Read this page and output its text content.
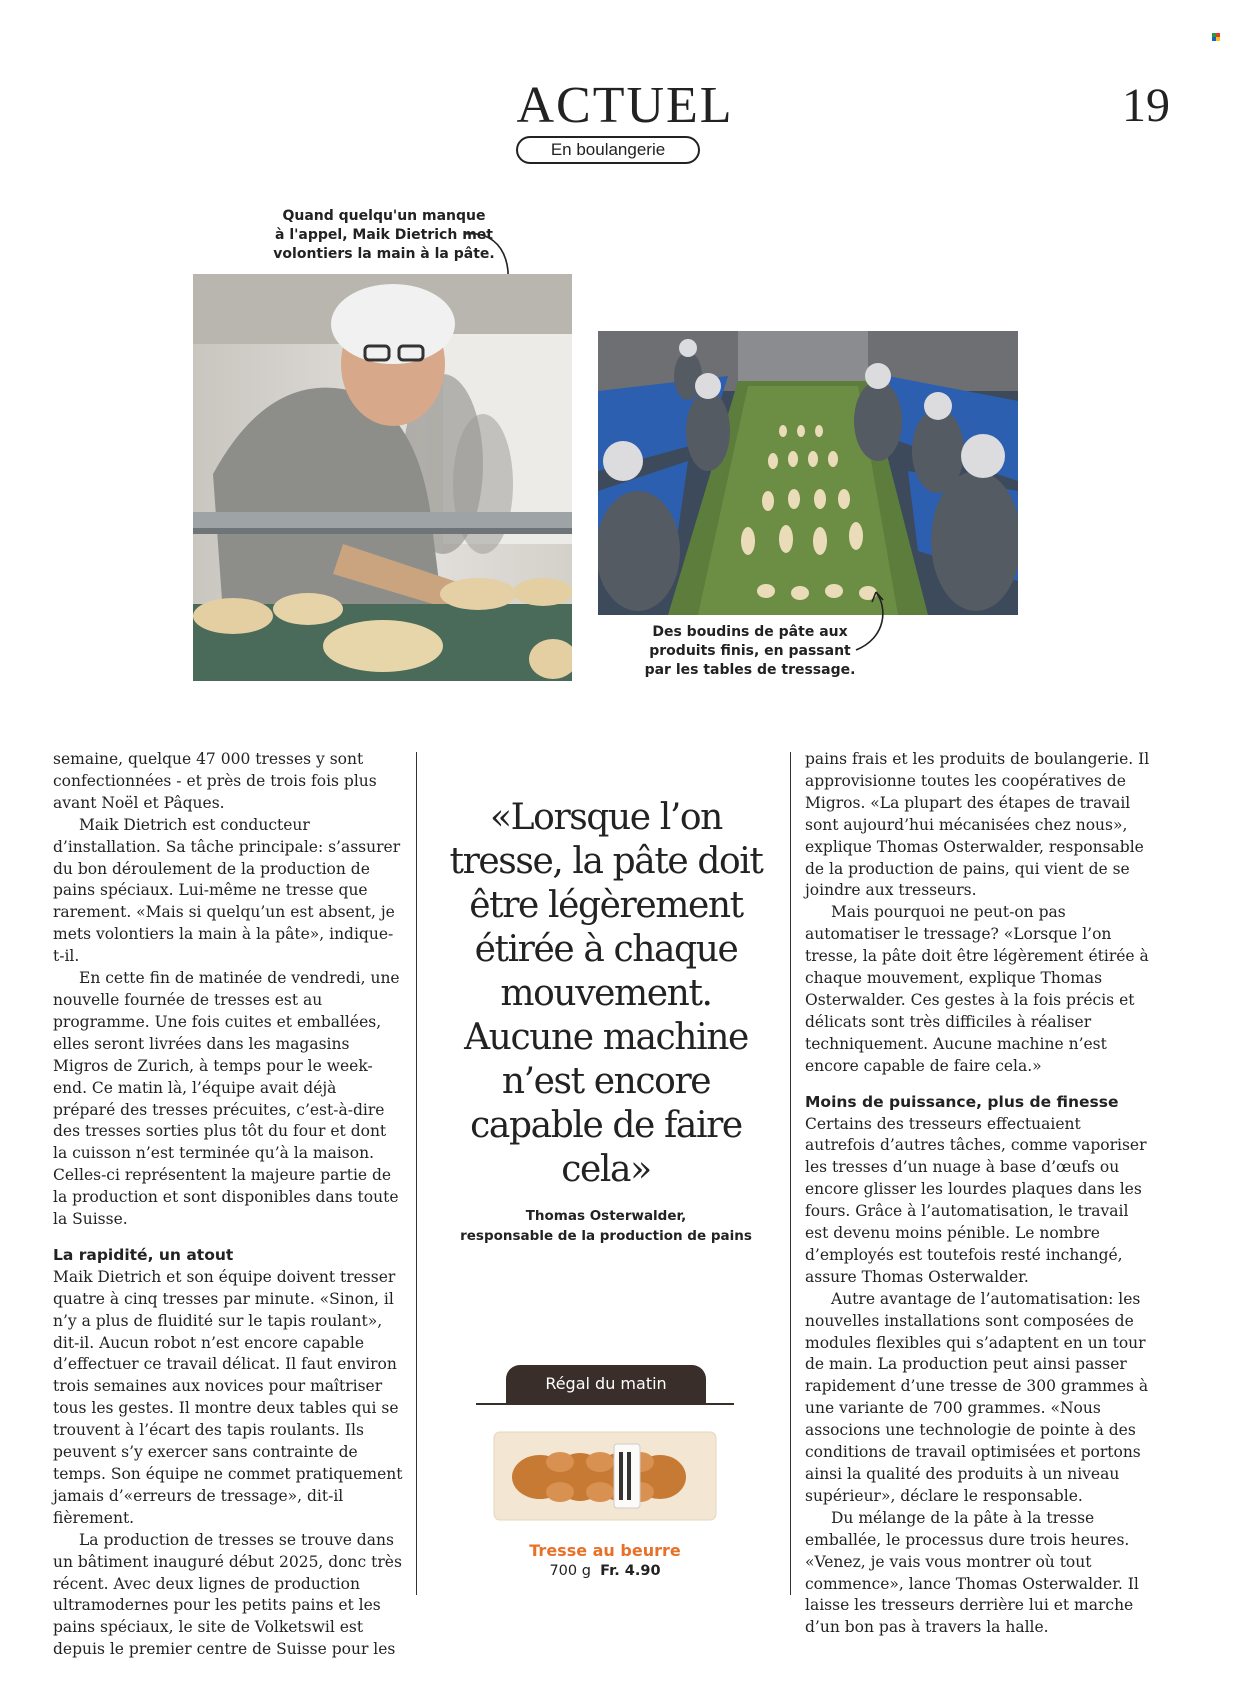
ACTUEL	19
En boulangerie
Quand quelqu'un manque
à l'appel, Maik Dietrich met
volontiers la main à la pâte.
Des boudins de pâte aux
produits finis, en passant
par les tables de tressage.

semaine, quelque 47 000 tresses y sont confectionnées - et près de trois fois plus avant Noël et Pâques.

Maik Dietrich est conducteur d’installation. Sa tâche principale: s’assurer du bon déroulement de la production de pains spéciaux. Lui-même ne tresse que rarement. «Mais si quelqu’un est absent, je mets volontiers la main à la pâte», indique-t-il.

En cette fin de matinée de vendredi, une nouvelle fournée de tresses est au programme. Une fois cuites et emballées, elles seront livrées dans les magasins Migros de Zurich, à temps pour le week-end. Ce matin là, l’équipe avait déjà préparé des tresses précuites, c’est-à-dire des tresses sorties plus tôt du four et dont la cuisson n’est terminée qu’à la maison. Celles-ci représentent la majeure partie de la production et sont disponibles dans toute la Suisse.

La rapidité, un atout

Maik Dietrich et son équipe doivent tresser quatre à cinq tresses par minute. «Sinon, il n’y a plus de fluidité sur le tapis roulant», dit-il. Aucun robot n’est encore capable d’effectuer ce travail délicat. Il faut environ trois semaines aux novices pour maîtriser tous les gestes. Il montre deux tables qui se trouvent à l’écart des tapis roulants. Ils peuvent s’y exercer sans contrainte de temps. Son équipe ne commet pratiquement jamais d’«erreurs de tressage», dit-il fièrement.

La production de tresses se trouve dans un bâtiment inauguré début 2025, donc très récent. Avec deux lignes de production ultramodernes pour les petits pains et les pains spéciaux, le site de Volketswil est depuis le premier centre de Suisse pour les

«Lorsque l’on tresse, la pâte doit être légèrement étirée à chaque mouvement. Aucune machine n’est encore capable de faire cela»
Thomas Osterwalder,
responsable de la production de pains
Régal du matin
Tresse au beurre
700 g Fr. 4.90

pains frais et les produits de boulangerie. Il approvisionne toutes les coopératives de Migros. «La plupart des étapes de travail sont aujourd’hui mécanisées chez nous», explique Thomas Osterwalder, responsable de la production de pains, qui vient de se joindre aux tresseurs.

Mais pourquoi ne peut-on pas automatiser le tressage? «Lorsque l’on tresse, la pâte doit être légèrement étirée à chaque mouvement, explique Thomas Osterwalder. Ces gestes à la fois précis et délicats sont très difficiles à réaliser techniquement. Aucune machine n’est encore capable de faire cela.»

Moins de puissance, plus de finesse

Certains des tresseurs effectuaient autrefois d’autres tâches, comme vaporiser les tresses d’un nuage à base d’œufs ou encore glisser les lourdes plaques dans les fours. Grâce à l’automatisation, le travail est devenu moins pénible. Le nombre d’employés est toutefois resté inchangé, assure Thomas Osterwalder.

Autre avantage de l’automatisation: les nouvelles installations sont composées de modules flexibles qui s’adaptent en un tour de main. La production peut ainsi passer rapidement d’une tresse de 300 grammes à une variante de 700 grammes. «Nous associons une technologie de pointe à des conditions de travail optimisées et portons ainsi la qualité des produits à un niveau supérieur», déclare le responsable.

Du mélange de la pâte à la tresse emballée, le processus dure trois heures. «Venez, je vais vous montrer où tout commence», lance Thomas Osterwalder. Il laisse les tresseurs derrière lui et marche d’un bon pas à travers la halle.
